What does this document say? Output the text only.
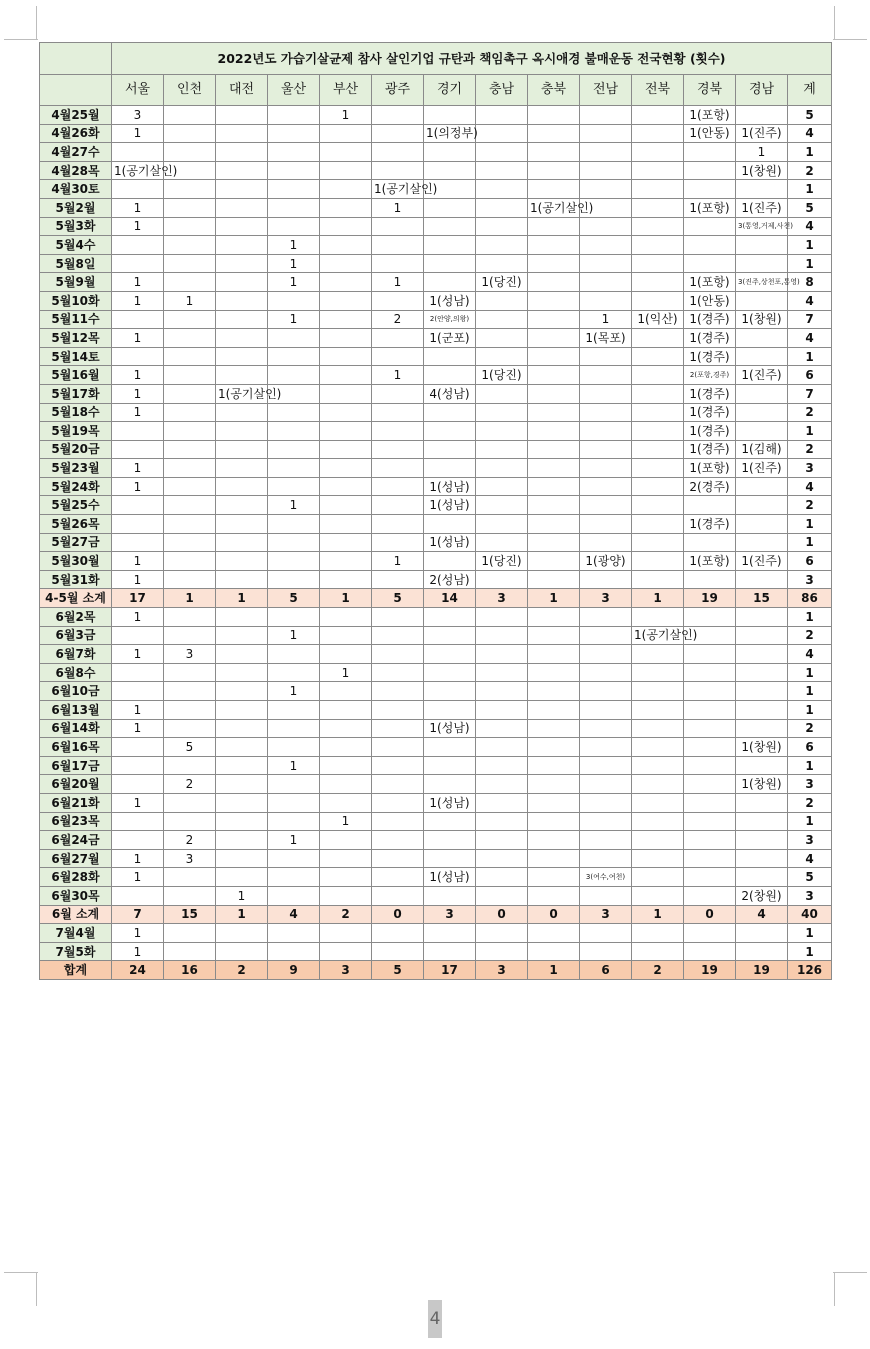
	2022년도 가습기살균제 참사 살인기업 규탄과 책임촉구 옥시애경 불매운동 전국현황 (횟수)													
	서울	인천	대전	울산	부산	광주	경기	충남	충북	전남	전북	경북	경남	계
4월25월	3				1							1(포항)		5
4월26화	1						1(의정부)					1(안동)	1(진주)	4
4월27수													1	1
4월28목	1(공기살인)												1(창원)	2
4월30토						1(공기살인)								1
5월2월	1					1			1(공기살인)			1(포항)	1(진주)	5
5월3화	1												3(통영,거제,사천)	4
5월4수				1										1
5월8일				1										1
5월9월	1			1		1		1(당진)				1(포항)	3(진주,상천포,통영)	8
5월10화	1	1					1(성남)					1(안동)		4
5월11수				1		2	2(안양,의왕)			1	1(익산)	1(경주)	1(창원)	7
5월12목	1						1(군포)			1(목포)		1(경주)		4
5월14토												1(경주)		1
5월16월	1					1		1(당진)				2(포항,경주)	1(진주)	6
5월17화	1		1(공기살인)				4(성남)					1(경주)		7
5월18수	1											1(경주)		2
5월19목												1(경주)		1
5월20금												1(경주)	1(김해)	2
5월23월	1											1(포항)	1(진주)	3
5월24화	1						1(성남)					2(경주)		4
5월25수				1			1(성남)							2
5월26목												1(경주)		1
5월27금							1(성남)							1
5월30월	1					1		1(당진)		1(광양)		1(포항)	1(진주)	6
5월31화	1						2(성남)							3
4-5월 소계	17	1	1	5	1	5	14	3	1	3	1	19	15	86
6월2목	1													1
6월3금				1							1(공기살인)			2
6월7화	1	3												4
6월8수					1									1
6월10금				1										1
6월13월	1													1
6월14화	1						1(성남)							2
6월16목		5											1(창원)	6
6월17금				1										1
6월20월		2											1(창원)	3
6월21화	1						1(성남)							2
6월23목					1									1
6월24금		2		1										3
6월27월	1	3												4
6월28화	1						1(성남)			3(여수,여천)				5
6월30목			1										2(창원)	3
6월 소계	7	15	1	4	2	0	3	0	0	3	1	0	4	40
7월4월	1													1
7월5화	1													1
합계	24	16	2	9	3	5	17	3	1	6	2	19	19	126
4
